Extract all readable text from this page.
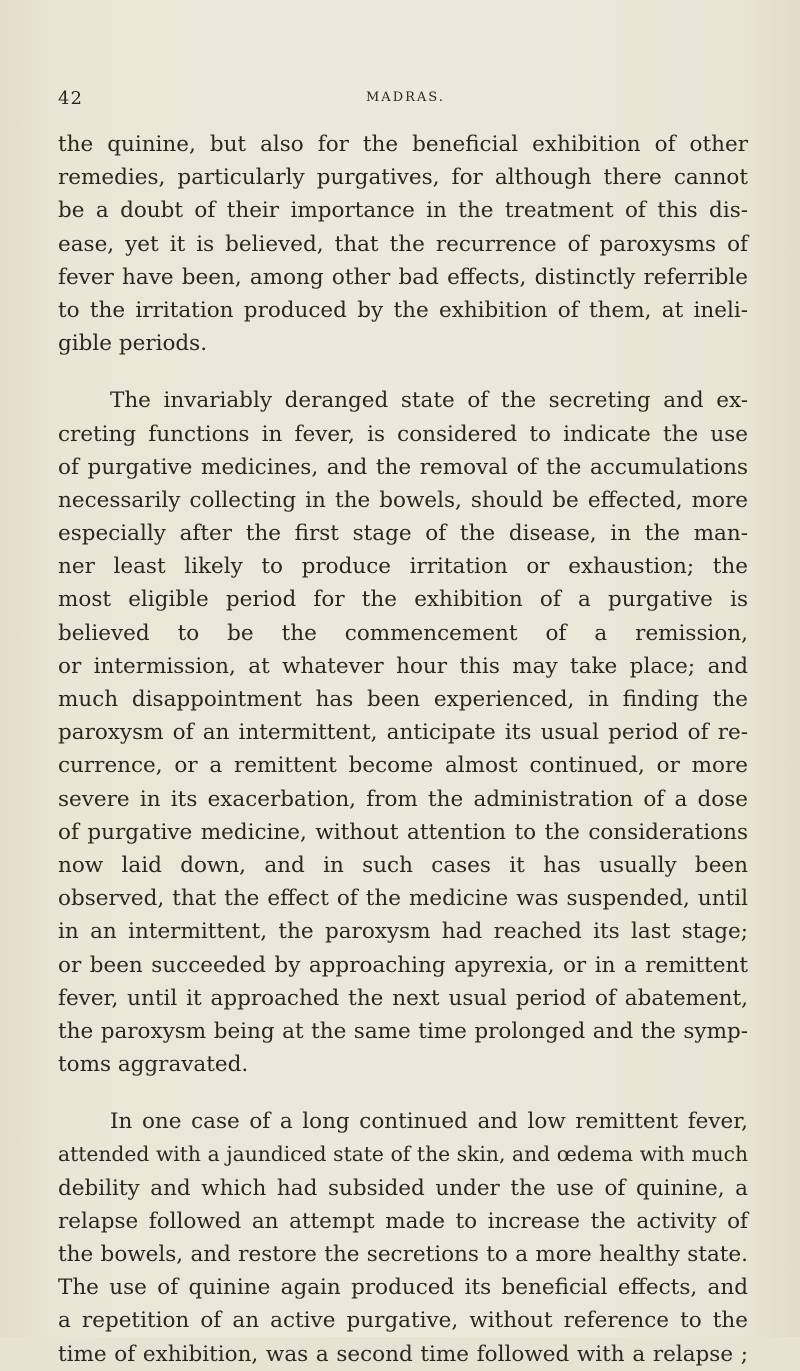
42	MADRAS.
the quinine, but also for the beneficial exhibition of other
remedies, particularly purgatives, for although there cannot
be a doubt of their importance in the treatment of this dis-
ease, yet it is believed, that the recurrence of paroxysms of
fever have been, among other bad effects, distinctly referrible
to the irritation produced by the exhibition of them, at ineli-
gible periods.
The invariably deranged state of the secreting and ex-
creting functions in fever, is considered to indicate the use
of purgative medicines, and the removal of the accumulations
necessarily collecting in the bowels, should be effected, more
especially after the first stage of the disease, in the man-
ner least likely to produce irritation or exhaustion; the
most eligible period for the exhibition of a purgative is
believed to be the commencement of a remission,
or intermission, at whatever hour this may take place; and
much disappointment has been experienced, in finding the
paroxysm of an intermittent, anticipate its usual period of re-
currence, or a remittent become almost continued, or more
severe in its exacerbation, from the administration of a dose
of purgative medicine, without attention to the considerations
now laid down, and in such cases it has usually been
observed, that the effect of the medicine was suspended, until
in an intermittent, the paroxysm had reached its last stage;
or been succeeded by approaching apyrexia, or in a remittent
fever, until it approached the next usual period of abatement,
the paroxysm being at the same time prolonged and the symp-
toms aggravated.
In one case of a long continued and low remittent fever,
attended with a jaundiced state of the skin, and œdema with much
debility and which had subsided under the use of quinine, a
relapse followed an attempt made to increase the activity of
the bowels, and restore the secretions to a more healthy state.
The use of quinine again produced its beneficial effects, and
a repetition of an active purgative, without reference to the
time of exhibition, was a second time followed with a relapse ;
